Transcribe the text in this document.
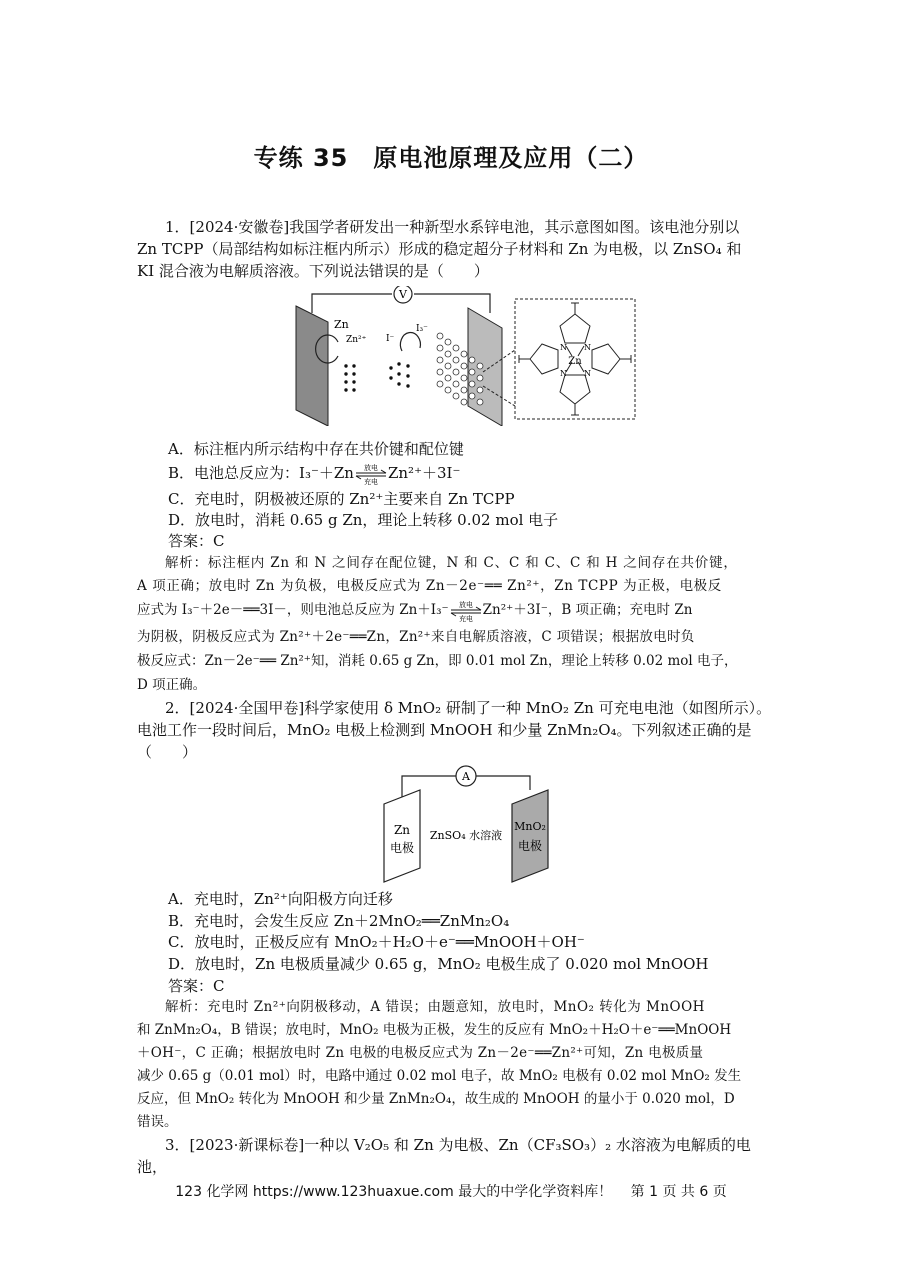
专练 35　原电池原理及应用（二）
1．[2024·安徽卷]我国学者研发出一种新型水系锌电池，其示意图如图。该电池分别以
Zn TCPP（局部结构如标注框内所示）形成的稳定超分子材料和 Zn 为电极，以 ZnSO₄ 和
KI 混合液为电解质溶液。下列说法错误的是（　　）
V
Zn
Zn²⁺ I⁻
I₃⁻
Zn
N N
N N
A．标注框内所示结构中存在共价键和配位键
B．电池总反应为：I₃⁻＋Zn 放电
充电 Zn²⁺＋3I⁻
C．充电时，阴极被还原的 Zn²⁺主要来自 Zn TCPP
D．放电时，消耗 0.65 g Zn，理论上转移 0.02 mol 电子
答案：C
解析：标注框内 Zn 和 N 之间存在配位键，N 和 C、C 和 C、C 和 H 之间存在共价键，
A 项正确；放电时 Zn 为负极，电极反应式为 Zn－2e⁻══ Zn²⁺，Zn TCPP 为正极，电极反
应式为 I₃⁻＋2e－══3I－，则电池总反应为 Zn＋I₃⁻ 放电
充电
Zn²⁺＋3I⁻，B 项正确；充电时 Zn
为阴极，阴极反应式为 Zn²⁺＋2e⁻══Zn，Zn²⁺来自电解质溶液，C 项错误；根据放电时负
极反应式：Zn－2e⁻══ Zn²⁺知，消耗 0.65 g Zn，即 0.01 mol Zn，理论上转移 0.02 mol 电子，
D 项正确。
2．[2024·全国甲卷]科学家使用 δ MnO₂ 研制了一种 MnO₂ Zn 可充电电池（如图所示）。
电池工作一段时间后，MnO₂ 电极上检测到 MnOOH 和少量 ZnMn₂O₄。下列叙述正确的是
（　　）
A
Zn
电极
ZnSO₄ 水溶液
MnO₂
电极
A．充电时，Zn²⁺向阳极方向迁移
B．充电时，会发生反应 Zn＋2MnO₂══ZnMn₂O₄
C．放电时，正极反应有 MnO₂＋H₂O＋e⁻══MnOOH＋OH⁻
D．放电时，Zn 电极质量减少 0.65 g，MnO₂ 电极生成了 0.020 mol MnOOH
答案：C
解析：充电时 Zn²⁺向阴极移动，A 错误；由题意知，放电时，MnO₂ 转化为 MnOOH
和 ZnMn₂O₄，B 错误；放电时，MnO₂ 电极为正极，发生的反应有 MnO₂＋H₂O＋e⁻══MnOOH
＋OH⁻，C 正确；根据放电时 Zn 电极的电极反应式为 Zn－2e⁻══Zn²⁺可知，Zn 电极质量
减少 0.65 g（0.01 mol）时，电路中通过 0.02 mol 电子，故 MnO₂ 电极有 0.02 mol MnO₂ 发生
反应，但 MnO₂ 转化为 MnOOH 和少量 ZnMn₂O₄，故生成的 MnOOH 的量小于 0.020 mol，D
错误。
3．[2023·新课标卷]一种以 V₂O₅ 和 Zn 为电极、Zn（CF₃SO₃）₂ 水溶液为电解质的电池，
123 化学网 https://www.123huaxue.com 最大的中学化学资料库！　 第 1 页 共 6 页
